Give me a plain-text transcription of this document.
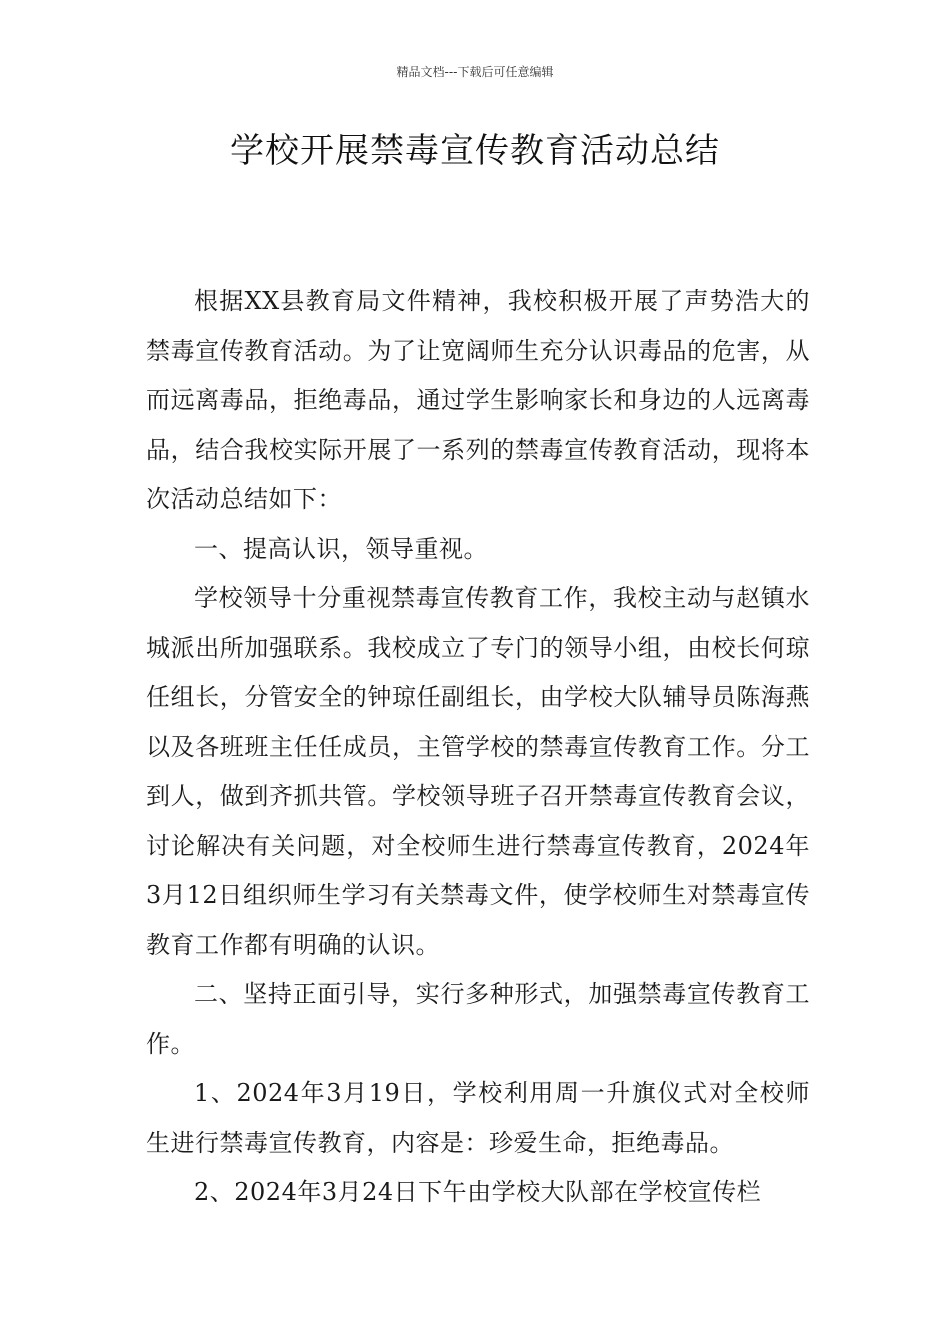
精品文档---下载后可任意编辑
学校开展禁毒宣传教育活动总结

根据XX县教育局文件精神，我校积极开展了声势浩大的禁毒宣传教育活动。为了让宽阔师生充分认识毒品的危害，从而远离毒品，拒绝毒品，通过学生影响家长和身边的人远离毒品，结合我校实际开展了一系列的禁毒宣传教育活动，现将本次活动总结如下：

一、提高认识，领导重视。

学校领导十分重视禁毒宣传教育工作，我校主动与赵镇水城派出所加强联系。我校成立了专门的领导小组，由校长何琼任组长，分管安全的钟琼任副组长，由学校大队辅导员陈海燕以及各班班主任任成员，主管学校的禁毒宣传教育工作。分工到人，做到齐抓共管。学校领导班子召开禁毒宣传教育会议，讨论解决有关问题，对全校师生进行禁毒宣传教育，2024年3月12日组织师生学习有关禁毒文件，使学校师生对禁毒宣传教育工作都有明确的认识。

二、坚持正面引导，实行多种形式，加强禁毒宣传教育工作。

1、2024年3月19日，学校利用周一升旗仪式对全校师生进行禁毒宣传教育，内容是：珍爱生命，拒绝毒品。

2、2024年3月24日下午由学校大队部在学校宣传栏
